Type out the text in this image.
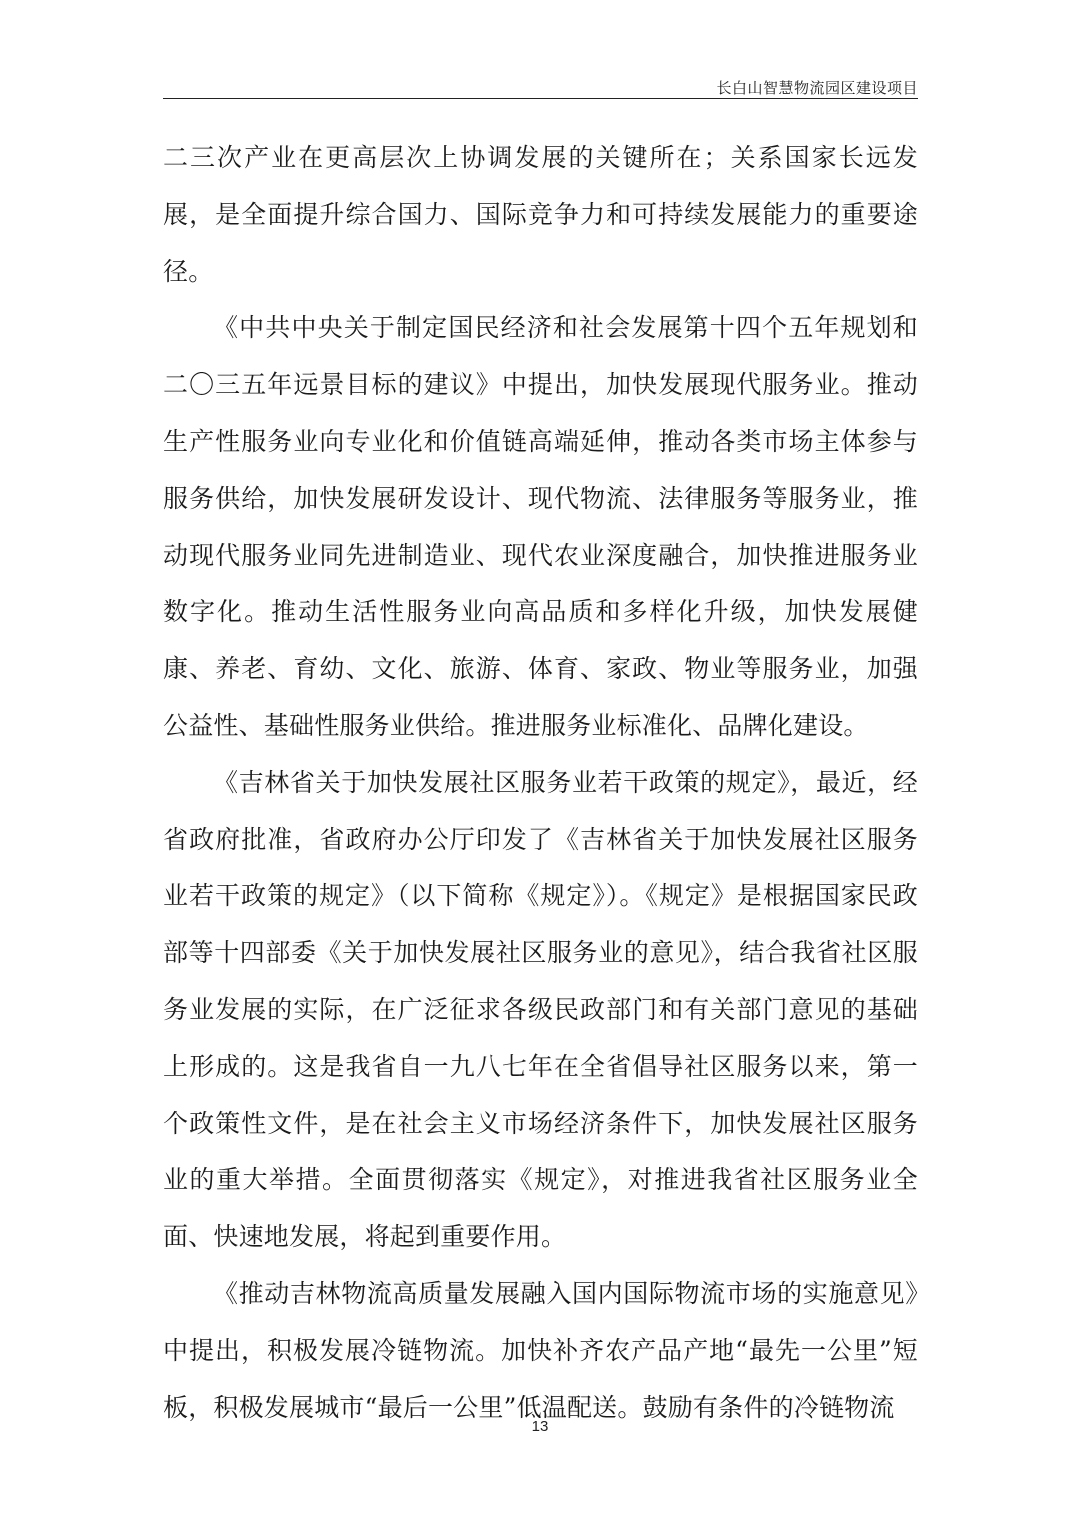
长白山智慧物流园区建设项目

二三次产业在更高层次上协调发展的关键所在；关系国家长远发展，是全面提升综合国力、国际竞争力和可持续发展能力的重要途径。

《中共中央关于制定国民经济和社会发展第十四个五年规划和二〇三五年远景目标的建议》中提出，加快发展现代服务业。推动生产性服务业向专业化和价值链高端延伸，推动各类市场主体参与服务供给，加快发展研发设计、现代物流、法律服务等服务业，推动现代服务业同先进制造业、现代农业深度融合，加快推进服务业数字化。推动生活性服务业向高品质和多样化升级，加快发展健康、养老、育幼、文化、旅游、体育、家政、物业等服务业，加强公益性、基础性服务业供给。推进服务业标准化、品牌化建设。

《吉林省关于加快发展社区服务业若干政策的规定》，最近，经省政府批准，省政府办公厅印发了《吉林省关于加快发展社区服务业若干政策的规定》（以下简称《规定》）。《规定》是根据国家民政部等十四部委《关于加快发展社区服务业的意见》，结合我省社区服务业发展的实际，在广泛征求各级民政部门和有关部门意见的基础上形成的。这是我省自一九八七年在全省倡导社区服务以来，第一个政策性文件，是在社会主义市场经济条件下，加快发展社区服务业的重大举措。全面贯彻落实《规定》，对推进我省社区服务业全面、快速地发展，将起到重要作用。

《推动吉林物流高质量发展融入国内国际物流市场的实施意见》中提出，积极发展冷链物流。加快补齐农产品产地“最先一公里”短板，积极发展城市“最后一公里”低温配送。鼓励有条件的冷链物流

13
